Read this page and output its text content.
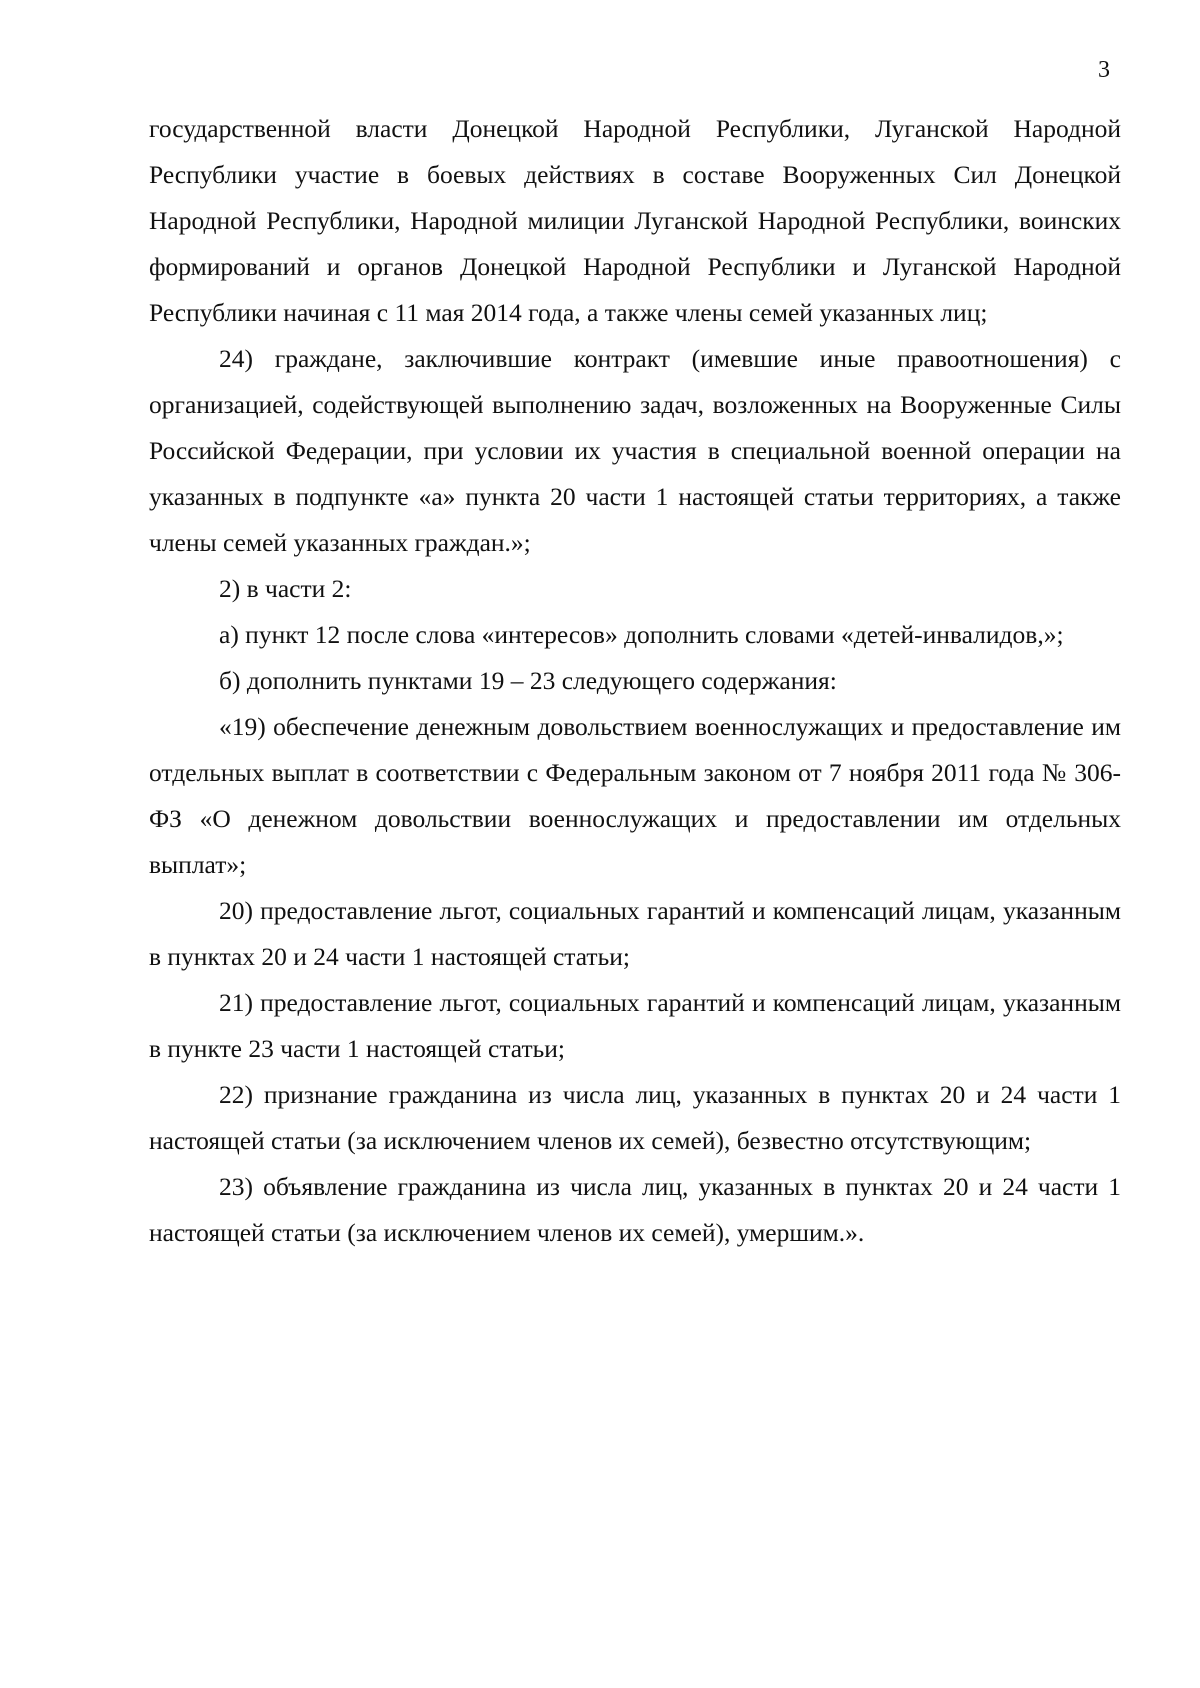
3

государственной власти Донецкой Народной Республики, Луганской Народной Республики участие в боевых действиях в составе Вооруженных Сил Донецкой Народной Республики, Народной милиции Луганской Народной Республики, воинских формирований и органов Донецкой Народной Республики и Луганской Народной Республики начиная с 11 мая 2014 года, а также члены семей указанных лиц;

24) граждане, заключившие контракт (имевшие иные правоотношения) с организацией, содействующей выполнению задач, возложенных на Вооруженные Силы Российской Федерации, при условии их участия в специальной военной операции на указанных в подпункте «а» пункта 20 части 1 настоящей статьи территориях, а также члены семей указанных граждан.»;

2) в части 2:

а) пункт 12 после слова «интересов» дополнить словами «детей-инвалидов,»;

б) дополнить пунктами 19 – 23 следующего содержания:

«19) обеспечение денежным довольствием военнослужащих и предоставление им отдельных выплат в соответствии с Федеральным законом от 7 ноября 2011 года № 306-ФЗ «О денежном довольствии военнослужащих и предоставлении им отдельных выплат»;

20) предоставление льгот, социальных гарантий и компенсаций лицам, указанным в пунктах 20 и 24 части 1 настоящей статьи;

21) предоставление льгот, социальных гарантий и компенсаций лицам, указанным в пункте 23 части 1 настоящей статьи;

22) признание гражданина из числа лиц, указанных в пунктах 20 и 24 части 1 настоящей статьи (за исключением членов их семей), безвестно отсутствующим;

23) объявление гражданина из числа лиц, указанных в пунктах 20 и 24 части 1 настоящей статьи (за исключением членов их семей), умершим.».
